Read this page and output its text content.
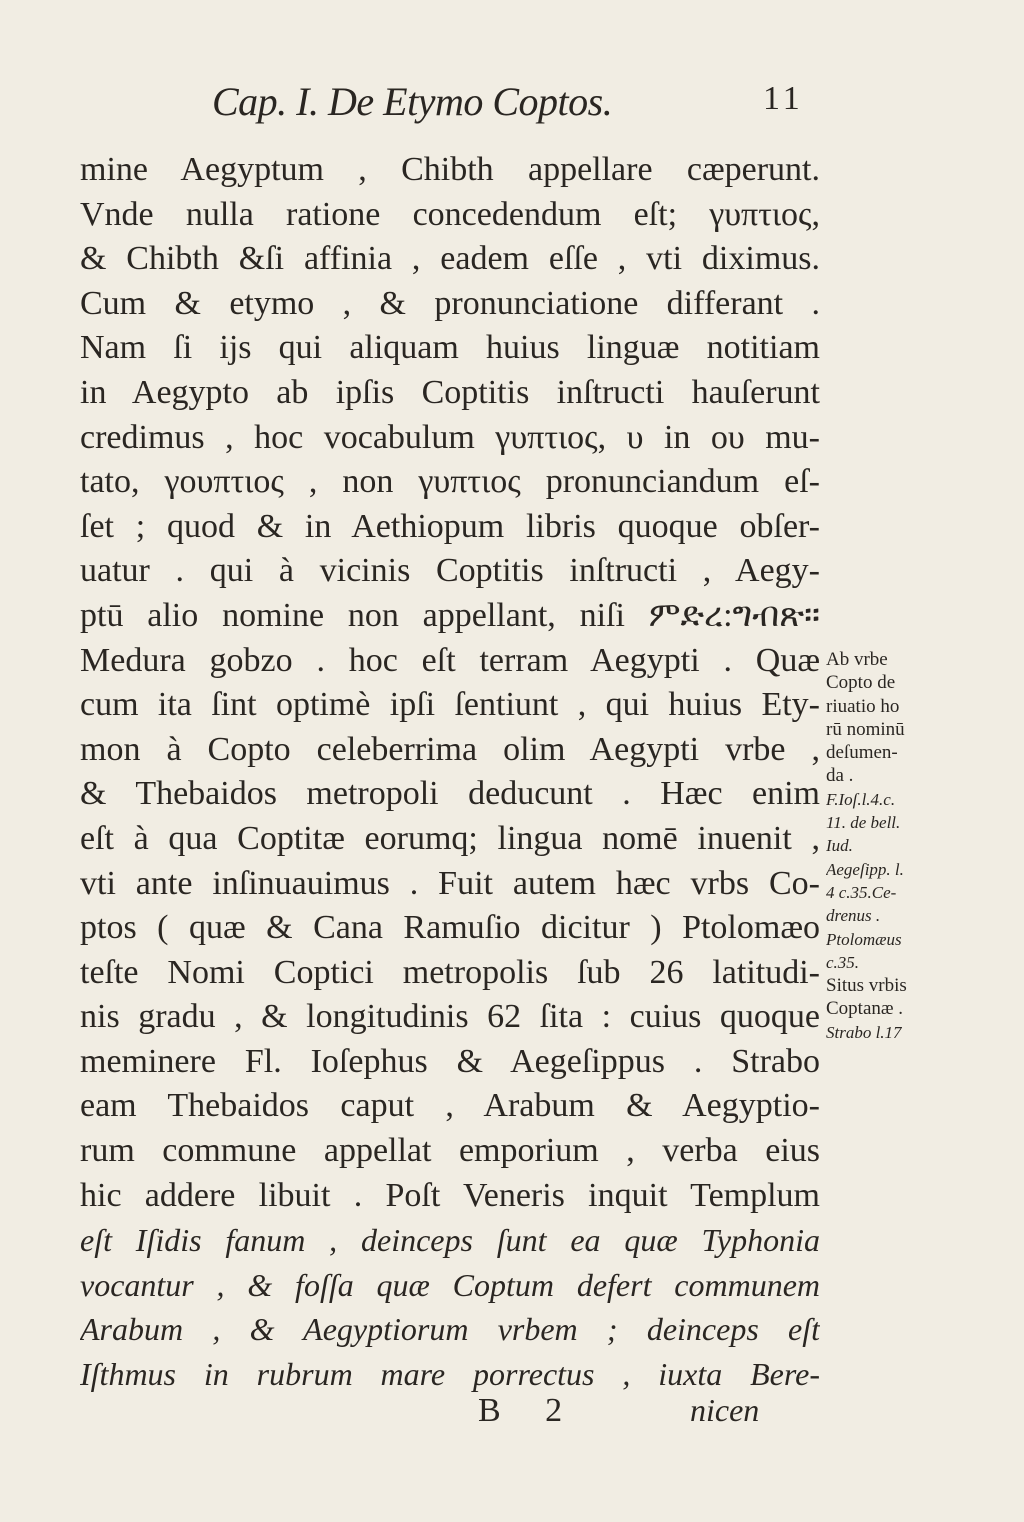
Cap. I. De Etymo Coptos.	11
mine Aegyptum , Chibth appellare cæperunt.
Vnde nulla ratione concedendum eſt; γυπτιος,
& Chibth &ſi affinia , eadem eſſe , vti diximus.
Cum & etymo , & pronunciatione differant .
Nam ſi ijs qui aliquam huius linguæ notitiam
in Aegypto ab ipſis Coptitis inſtructi hauſerunt
credimus , hoc vocabulum γυπτιος, υ in ου mu-
tato, γουπτιος , non γυπτιος pronunciandum eſ-
ſet ; quod & in Aethiopum libris quoque obſer-
uatur . qui à vicinis Coptitis inſtructi , Aegy-
ptū alio nomine non appellant, niſi ምድረ:ግብጽ።
Medura gobzo . hoc eſt terram Aegypti . Quæ
cum ita ſint optimè ipſi ſentiunt , qui huius Ety-
mon à Copto celeberrima olim Aegypti vrbe ,
& Thebaidos metropoli deducunt . Hæc enim
eſt à qua Coptitæ eorumq; lingua nomē inuenit ,
vti ante inſinuauimus . Fuit autem hæc vrbs Co-
ptos ( quæ & Cana Ramuſio dicitur ) Ptolomæo
teſte Nomi Coptici metropolis ſub 26 latitudi-
nis gradu , & longitudinis 62 ſita : cuius quoque
meminere Fl. Ioſephus & Aegeſippus . Strabo
eam Thebaidos caput , Arabum & Aegyptio-
rum commune appellat emporium , verba eius
hic addere libuit . Poſt Veneris inquit Templum
eſt Iſidis fanum , deinceps ſunt ea quæ Typhonia
vocantur , & foſſa quæ Coptum defert communem
Arabum , & Aegyptiorum vrbem ; deinceps eſt
Iſthmus in rubrum mare porrectus , iuxta Bere-
Ab vrbe
Copto de
riuatio ho
rū nominū
deſumen-
da .
F.Ioſ.l.4.c.
11. de bell.
Iud.
Aegeſipp. l.
4 c.35.Ce-
drenus .
Ptolomæus
c.35.
Situs vrbis
Coptanæ .
Strabo l.17
B 2	nicen
